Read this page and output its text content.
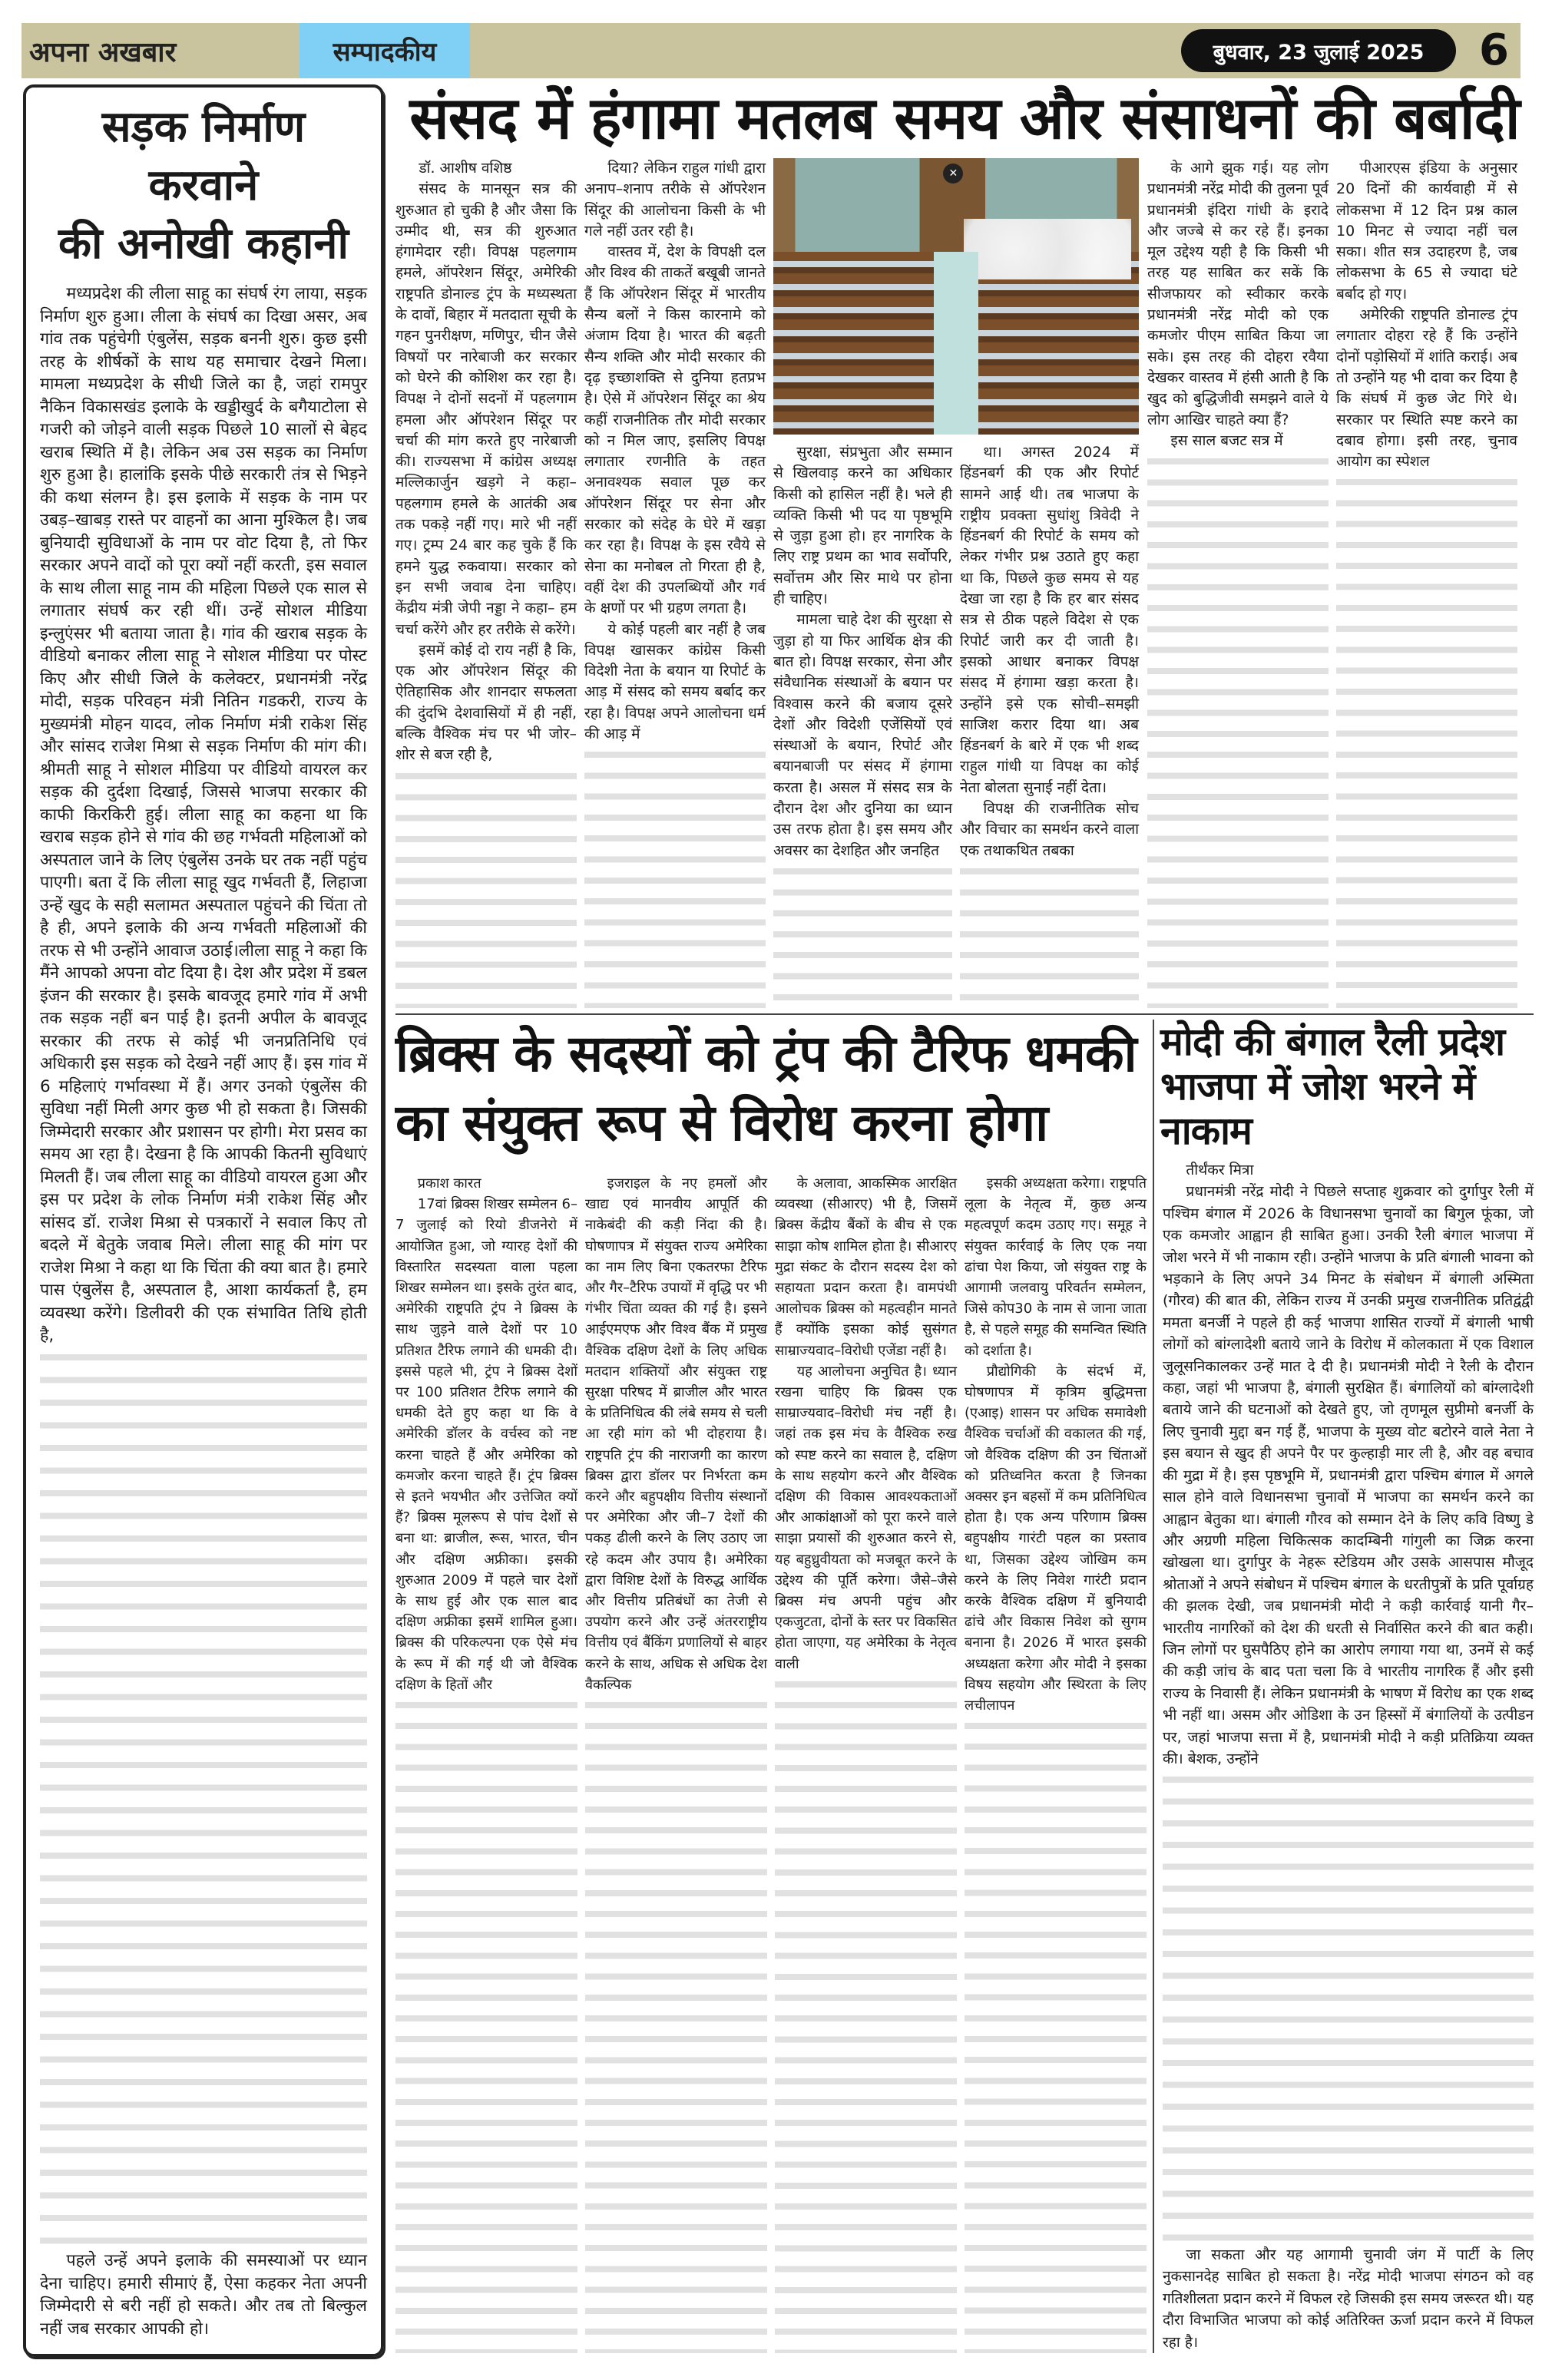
अपना अखबार	सम्पादकीय	बुधवार, 23 जुलाई 2025	6
सड़क निर्माण करवाने
की अनोखी कहानी

मध्यप्रदेश की लीला साहू का संघर्ष रंग लाया, सड़क निर्माण शुरु हुआ। लीला के संघर्ष का दिखा असर, अब गांव तक पहुंचेगी एंबुलेंस, सड़क बननी शुरु। कुछ इसी तरह के शीर्षकों के साथ यह समाचार देखने मिला। मामला मध्यप्रदेश के सीधी जिले का है, जहां रामपुर नैकिन विकासखंड इलाके के खड्डीखुर्द के बगैयाटोला से गजरी को जोड़ने वाली सड़क पिछले 10 सालों से बेहद खराब स्थिति में है। लेकिन अब उस सड़क का निर्माण शुरु हुआ है। हालांकि इसके पीछे सरकारी तंत्र से भिड़ने की कथा संलग्न है। इस इलाके में सड़क के नाम पर उबड़–खाबड़ रास्ते पर वाहनों का आना मुश्किल है। जब बुनियादी सुविधाओं के नाम पर वोट दिया है, तो फिर सरकार अपने वादों को पूरा क्यों नहीं करती, इस सवाल के साथ लीला साहू नाम की महिला पिछले एक साल से लगातार संघर्ष कर रही थीं। उन्हें सोशल मीडिया इन्लुएंसर भी बताया जाता है। गांव की खराब सड़क के वीडियो बनाकर लीला साहू ने सोशल मीडिया पर पोस्ट किए और सीधी जिले के कलेक्टर, प्रधानमंत्री नरेंद्र मोदी, सड़क परिवहन मंत्री नितिन गडकरी, राज्य के मुख्यमंत्री मोहन यादव, लोक निर्माण मंत्री राकेश सिंह और सांसद राजेश मिश्रा से सड़क निर्माण की मांग की। श्रीमती साहू ने सोशल मीडिया पर वीडियो वायरल कर सड़क की दुर्दशा दिखाई, जिससे भाजपा सरकार की काफी किरकिरी हुई। लीला साहू का कहना था कि खराब सड़क होने से गांव की छह गर्भवती महिलाओं को अस्पताल जाने के लिए एंबुलेंस उनके घर तक नहीं पहुंच पाएगी। बता दें कि लीला साहू खुद गर्भवती हैं, लिहाजा उन्हें खुद के सही सलामत अस्पताल पहुंचने की चिंता तो है ही, अपने इलाके की अन्य गर्भवती महिलाओं की तरफ से भी उन्होंने आवाज उठाई।लीला साहू ने कहा कि मैंने आपको अपना वोट दिया है। देश और प्रदेश में डबल इंजन की सरकार है। इसके बावजूद हमारे गांव में अभी तक सड़क नहीं बन पाई है। इतनी अपील के बावजूद सरकार की तरफ से कोई भी जनप्रतिनिधि एवं अधिकारी इस सड़क को देखने नहीं आए हैं। इस गांव में 6 महिलाएं गर्भावस्था में हैं। अगर उनको एंबुलेंस की सुविधा नहीं मिली अगर कुछ भी हो सकता है। जिसकी जिम्मेदारी सरकार और प्रशासन पर होगी। मेरा प्रसव का समय आ रहा है। देखना है कि आपकी कितनी सुविधाएं मिलती हैं। जब लीला साहू का वीडियो वायरल हुआ और इस पर प्रदेश के लोक निर्माण मंत्री राकेश सिंह और सांसद डॉ. राजेश मिश्रा से पत्रकारों ने सवाल किए तो बदले में बेतुके जवाब मिले। लीला साहू की मांग पर राजेश मिश्रा ने कहा था कि चिंता की क्या बात है। हमारे पास एंबुलेंस है, अस्पताल है, आशा कार्यकर्ता है, हम व्यवस्था करेंगे। डिलीवरी की एक संभावित तिथि होती है,

पहले उन्हें अपने इलाके की समस्याओं पर ध्यान देना चाहिए। हमारी सीमाएं हैं, ऐसा कहकर नेता अपनी जिम्मेदारी से बरी नहीं हो सकते। और तब तो बिल्कुल नहीं जब सरकार आपकी हो।

संसद में हंगामा मतलब समय और संसाधनों की बर्बादी

डॉ. आशीष वशिष्ठ

संसद के मानसून सत्र की शुरुआत हो चुकी है और जैसा कि उम्मीद थी, सत्र की शुरुआत हंगामेदार रही। विपक्ष पहलगाम हमले, ऑपरेशन सिंदूर, अमेरिकी राष्ट्रपति डोनाल्ड ट्रंप के मध्यस्थता के दावों, बिहार में मतदाता सूची के गहन पुनरीक्षण, मणिपुर, चीन जैसे विषयों पर नारेबाजी कर सरकार को घेरने की कोशिश कर रहा है। विपक्ष ने दोनों सदनों में पहलगाम हमला और ऑपरेशन सिंदूर पर चर्चा की मांग करते हुए नारेबाजी की। राज्यसभा में कांग्रेस अध्यक्ष मल्लिकार्जुन खड़गे ने कहा– पहलगाम हमले के आतंकी अब तक पकड़े नहीं गए। मारे भी नहीं गए। ट्रम्प 24 बार कह चुके हैं कि हमने युद्ध रुकवाया। सरकार को इन सभी जवाब देना चाहिए। केंद्रीय मंत्री जेपी नड्डा ने कहा– हम चर्चा करेंगे और हर तरीके से करेंगे।

इसमें कोई दो राय नहीं है कि, एक ओर ऑपरेशन सिंदूर की ऐतिहासिक और शानदार सफलता की दुंदभि देशवासियों में ही नहीं, बल्कि वैश्विक मंच पर भी जोर–शोर से बज रही है,

दिया? लेकिन राहुल गांधी द्वारा अनाप–शनाप तरीके से ऑपरेशन सिंदूर की आलोचना किसी के भी गले नहीं उतर रही है।

वास्तव में, देश के विपक्षी दल और विश्व की ताकतें बखूबी जानते हैं कि ऑपरेशन सिंदूर में भारतीय सैन्य बलों ने किस कारनामे को अंजाम दिया है। भारत की बढ़ती सैन्य शक्ति और मोदी सरकार की दृढ़ इच्छाशक्ति से दुनिया हतप्रभ है। ऐसे में ऑपरेशन सिंदूर का श्रेय कहीं राजनीतिक तौर मोदी सरकार को न मिल जाए, इसलिए विपक्ष लगातार रणनीति के तहत अनावश्यक सवाल पूछ कर ऑपरेशन सिंदूर पर सेना और सरकार को संदेह के घेरे में खड़ा कर रहा है। विपक्ष के इस रवैये से सेना का मनोबल तो गिरता ही है, वहीं देश की उपलब्धियों और गर्व के क्षणों पर भी ग्रहण लगता है।

ये कोई पहली बार नहीं है जब विपक्ष खासकर कांग्रेस किसी विदेशी नेता के बयान या रिपोर्ट के आड़ में संसद को समय बर्बाद कर रहा है। विपक्ष अपने आलोचना धर्म की आड़ में

✕

सुरक्षा, संप्रभुता और सम्मान से खिलवाड़ करने का अधिकार किसी को हासिल नहीं है। भले ही व्यक्ति किसी भी पद या पृष्ठभूमि से जुड़ा हुआ हो। हर नागरिक के लिए राष्ट्र प्रथम का भाव सर्वोपरि, सर्वोत्तम और सिर माथे पर होना ही चाहिए।

मामला चाहे देश की सुरक्षा से जुड़ा हो या फिर आर्थिक क्षेत्र की बात हो। विपक्ष सरकार, सेना और संवैधानिक संस्थाओं के बयान पर विश्वास करने की बजाय दूसरे देशों और विदेशी एजेंसियों एवं संस्थाओं के बयान, रिपोर्ट और बयानबाजी पर संसद में हंगामा करता है। असल में संसद सत्र के दौरान देश और दुनिया का ध्यान उस तरफ होता है। इस समय और अवसर का देशहित और जनहित

था। अगस्त 2024 में हिंडनबर्ग की एक और रिपोर्ट सामने आई थी। तब भाजपा के राष्ट्रीय प्रवक्ता सुधांशु त्रिवेदी ने हिंडनबर्ग की रिपोर्ट के समय को लेकर गंभीर प्रश्न उठाते हुए कहा था कि, पिछले कुछ समय से यह देखा जा रहा है कि हर बार संसद सत्र से ठीक पहले विदेश से एक रिपोर्ट जारी कर दी जाती है। इसको आधार बनाकर विपक्ष संसद में हंगामा खड़ा करता है। उन्होंने इसे एक सोची–समझी साजिश करार दिया था। अब हिंडनबर्ग के बारे में एक भी शब्द राहुल गांधी या विपक्ष का कोई नेता बोलता सुनाई नहीं देता।

विपक्ष की राजनीतिक सोच और विचार का समर्थन करने वाला एक तथाकथित तबका

के आगे झुक गई। यह लोग प्रधानमंत्री नरेंद्र मोदी की तुलना पूर्व प्रधानमंत्री इंदिरा गांधी के इरादे और जज्बे से कर रहे हैं। इनका मूल उद्देश्य यही है कि किसी भी तरह यह साबित कर सकें कि सीजफायर को स्वीकार करके प्रधानमंत्री नरेंद्र मोदी को एक कमजोर पीएम साबित किया जा सके। इस तरह की दोहरा रवैया देखकर वास्तव में हंसी आती है कि खुद को बुद्धिजीवी समझने वाले ये लोग आखिर चाहते क्या हैं?

इस साल बजट सत्र में

पीआरएस इंडिया के अनुसार 20 दिनों की कार्यवाही में से लोकसभा में 12 दिन प्रश्न काल 10 मिनट से ज्यादा नहीं चल सका। शीत सत्र उदाहरण है, जब लोकसभा के 65 से ज्यादा घंटे बर्बाद हो गए।

अमेरिकी राष्ट्रपति डोनाल्ड ट्रंप लगातार दोहरा रहे हैं कि उन्होंने दोनों पड़ोसियों में शांति कराई। अब तो उन्होंने यह भी दावा कर दिया है कि संघर्ष में कुछ जेट गिरे थे। सरकार पर स्थिति स्पष्ट करने का दबाव होगा। इसी तरह, चुनाव आयोग का स्पेशल

ब्रिक्स के सदस्यों को ट्रंप की टैरिफ धमकी
का संयुक्त रूप से विरोध करना होगा

प्रकाश कारत

17वां ब्रिक्स शिखर सम्मेलन 6–7 जुलाई को रियो डीजनेरो में आयोजित हुआ, जो ग्यारह देशों की विस्तारित सदस्यता वाला पहला शिखर सम्मेलन था। इसके तुरंत बाद, अमेरिकी राष्ट्रपति ट्रंप ने ब्रिक्स के साथ जुड़ने वाले देशों पर 10 प्रतिशत टैरिफ लगाने की धमकी दी। इससे पहले भी, ट्रंप ने ब्रिक्स देशों पर 100 प्रतिशत टैरिफ लगाने की धमकी देते हुए कहा था कि वे अमेरिकी डॉलर के वर्चस्व को नष्ट करना चाहते हैं और अमेरिका को कमजोर करना चाहते हैं। ट्रंप ब्रिक्स से इतने भयभीत और उत्तेजित क्यों हैं? ब्रिक्स मूलरूप से पांच देशों से बना था: ब्राजील, रूस, भारत, चीन और दक्षिण अफ्रीका। इसकी शुरुआत 2009 में पहले चार देशों के साथ हुई और एक साल बाद दक्षिण अफ्रीका इसमें शामिल हुआ। ब्रिक्स की परिकल्पना एक ऐसे मंच के रूप में की गई थी जो वैश्विक दक्षिण के हितों और

इजराइल के नए हमलों और खाद्य एवं मानवीय आपूर्ति की नाकेबंदी की कड़ी निंदा की है। घोषणापत्र में संयुक्त राज्य अमेरिका का नाम लिए बिना एकतरफा टैरिफ और गैर–टैरिफ उपायों में वृद्धि पर भी गंभीर चिंता व्यक्त की गई है। इसने आईएमएफ और विश्व बैंक में प्रमुख वैश्विक दक्षिण देशों के लिए अधिक मतदान शक्तियों और संयुक्त राष्ट्र सुरक्षा परिषद में ब्राजील और भारत के प्रतिनिधित्व की लंबे समय से चली आ रही मांग को भी दोहराया है। राष्ट्रपति ट्रंप की नाराजगी का कारण ब्रिक्स द्वारा डॉलर पर निर्भरता कम करने और बहुपक्षीय वित्तीय संस्थानों पर अमेरिका और जी–7 देशों की पकड़ ढीली करने के लिए उठाए जा रहे कदम और उपाय है। अमेरिका द्वारा विशिष्ट देशों के विरुद्ध आर्थिक और वित्तीय प्रतिबंधों का तेजी से उपयोग करने और उन्हें अंतरराष्ट्रीय वित्तीय एवं बैंकिंग प्रणालियों से बाहर करने के साथ, अधिक से अधिक देश वैकल्पिक

के अलावा, आकस्मिक आरक्षित व्यवस्था (सीआरए) भी है, जिसमें ब्रिक्स केंद्रीय बैंकों के बीच से एक साझा कोष शामिल होता है। सीआरए मुद्रा संकट के दौरान सदस्य देश को सहायता प्रदान करता है। वामपंथी आलोचक ब्रिक्स को महत्वहीन मानते हैं क्योंकि इसका कोई सुसंगत साम्राज्यवाद–विरोधी एजेंडा नहीं है।

यह आलोचना अनुचित है। ध्यान रखना चाहिए कि ब्रिक्स एक साम्राज्यवाद–विरोधी मंच नहीं है। जहां तक इस मंच के वैश्विक रुख को स्पष्ट करने का सवाल है, दक्षिण के साथ सहयोग करने और वैश्विक दक्षिण की विकास आवश्यकताओं और आकांक्षाओं को पूरा करने वाले साझा प्रयासों की शुरुआत करने से, यह बहुध्रुवीयता को मजबूत करने के उद्देश्य की पूर्ति करेगा। जैसे–जैसे ब्रिक्स मंच अपनी पहुंच और एकजुटता, दोनों के स्तर पर विकसित होता जाएगा, यह अमेरिका के नेतृत्व वाली

इसकी अध्यक्षता करेगा। राष्ट्रपति लूला के नेतृत्व में, कुछ अन्य महत्वपूर्ण कदम उठाए गए। समूह ने संयुक्त कार्रवाई के लिए एक नया ढांचा पेश किया, जो संयुक्त राष्ट्र के आगामी जलवायु परिवर्तन सम्मेलन, जिसे कोप30 के नाम से जाना जाता है, से पहले समूह की समन्वित स्थिति को दर्शाता है।

प्रौद्योगिकी के संदर्भ में, घोषणापत्र में कृत्रिम बुद्धिमत्ता (एआइ) शासन पर अधिक समावेशी वैश्विक चर्चाओं की वकालत की गई, जो वैश्विक दक्षिण की उन चिंताओं को प्रतिध्वनित करता है जिनका अक्सर इन बहसों में कम प्रतिनिधित्व होता है। एक अन्य परिणाम ब्रिक्स बहुपक्षीय गारंटी पहल का प्रस्ताव था, जिसका उद्देश्य जोखिम कम करने के लिए निवेश गारंटी प्रदान करके वैश्विक दक्षिण में बुनियादी ढांचे और विकास निवेश को सुगम बनाना है। 2026 में भारत इसकी अध्यक्षता करेगा और मोदी ने इसका विषय सहयोग और स्थिरता के लिए लचीलापन

मोदी की बंगाल रैली प्रदेश भाजपा में जोश भरने में नाकाम

तीर्थंकर मित्रा

प्रधानमंत्री नरेंद्र मोदी ने पिछले सप्ताह शुक्रवार को दुर्गापुर रैली में पश्चिम बंगाल में 2026 के विधानसभा चुनावों का बिगुल फूंका, जो एक कमजोर आह्वान ही साबित हुआ। उनकी रैली बंगाल भाजपा में जोश भरने में भी नाकाम रही। उन्होंने भाजपा के प्रति बंगाली भावना को भड़काने के लिए अपने 34 मिनट के संबोधन में बंगाली अस्मिता (गौरव) की बात की, लेकिन राज्य में उनकी प्रमुख राजनीतिक प्रतिद्वंद्वी ममता बनर्जी ने पहले ही कई भाजपा शासित राज्यों में बंगाली भाषी लोगों को बांग्लादेशी बताये जाने के विरोध में कोलकाता में एक विशाल जुलूसनिकालकर उन्हें मात दे दी है। प्रधानमंत्री मोदी ने रैली के दौरान कहा, जहां भी भाजपा है, बंगाली सुरक्षित हैं। बंगालियों को बांग्लादेशी बताये जाने की घटनाओं को देखते हुए, जो तृणमूल सुप्रीमो बनर्जी के लिए चुनावी मुद्दा बन गई हैं, भाजपा के मुख्य वोट बटोरने वाले नेता ने इस बयान से खुद ही अपने पैर पर कुल्हाड़ी मार ली है, और वह बचाव की मुद्रा में है। इस पृष्ठभूमि में, प्रधानमंत्री द्वारा पश्चिम बंगाल में अगले साल होने वाले विधानसभा चुनावों में भाजपा का समर्थन करने का आह्वान बेतुका था। बंगाली गौरव को सम्मान देने के लिए कवि विष्णु डे और अग्रणी महिला चिकित्सक कादम्बिनी गांगुली का जिक्र करना खोखला था। दुर्गापुर के नेहरू स्टेडियम और उसके आसपास मौजूद श्रोताओं ने अपने संबोधन में पश्चिम बंगाल के धरतीपुत्रों के प्रति पूर्वाग्रह की झलक देखी, जब प्रधानमंत्री मोदी ने कड़ी कार्रवाई यानी गैर–भारतीय नागरिकों को देश की धरती से निर्वासित करने की बात कही। जिन लोगों पर घुसपैठिए होने का आरोप लगाया गया था, उनमें से कई की कड़ी जांच के बाद पता चला कि वे भारतीय नागरिक हैं और इसी राज्य के निवासी हैं। लेकिन प्रधानमंत्री के भाषण में विरोध का एक शब्द भी नहीं था। असम और ओडिशा के उन हिस्सों में बंगालियों के उत्पीडन पर, जहां भाजपा सत्ता में है, प्रधानमंत्री मोदी ने कड़ी प्रतिक्रिया व्यक्त की। बेशक, उन्होंने

जा सकता और यह आगामी चुनावी जंग में पार्टी के लिए नुकसानदेह साबित हो सकता है। नरेंद्र मोदी भाजपा संगठन को वह गतिशीलता प्रदान करने में विफल रहे जिसकी इस समय जरूरत थी। यह दौरा विभाजित भाजपा को कोई अतिरिक्त ऊर्जा प्रदान करने में विफल रहा है।
